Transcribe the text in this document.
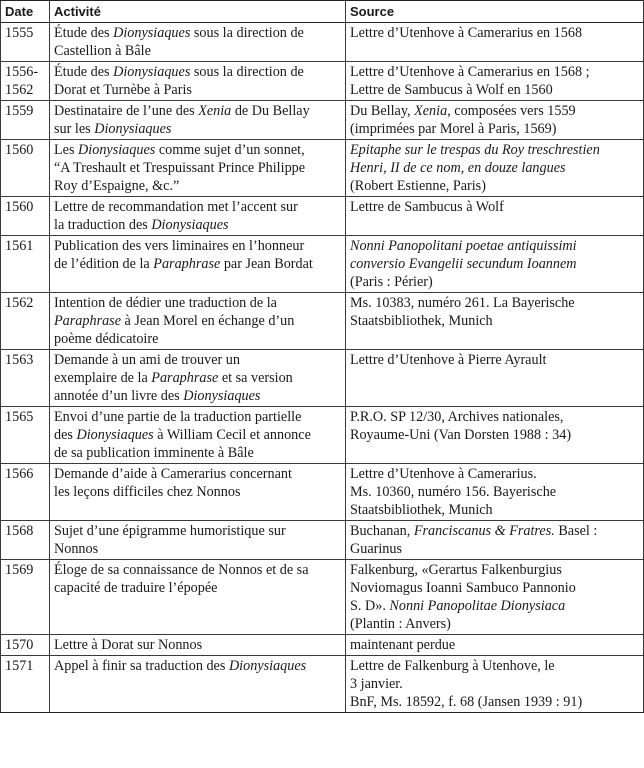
Date	Activité	Source

1555	Étude des Dionysiaques sous la direction de
Castellion à Bâle	Lettre d’Utenhove à Camerarius en 1568

1556-
1562	Étude des Dionysiaques sous la direction de
Dorat et Turnèbe à Paris	Lettre d’Utenhove à Camerarius en 1568 ;
Lettre de Sambucus à Wolf en 1560

1559	Destinataire de l’une des Xenia de Du Bellay
sur les Dionysiaques	Du Bellay, Xenia, composées vers 1559
(imprimées par Morel à Paris, 1569)

1560	Les Dionysiaques comme sujet d’un sonnet,
“A Treshault et Trespuissant Prince Philippe
Roy d’Espaigne, &c.”	Epitaphe sur le trespas du Roy treschrestien
Henri, II de ce nom, en douze langues
(Robert Estienne, Paris)

1560	Lettre de recommandation met l’accent sur
la traduction des Dionysiaques	Lettre de Sambucus à Wolf

1561	Publication des vers liminaires en l’honneur
de l’édition de la Paraphrase par Jean Bordat	Nonni Panopolitani poetae antiquissimi
conversio Evangelii secundum Ioannem
(Paris : Périer)

1562	Intention de dédier une traduction de la
Paraphrase à Jean Morel en échange d’un
poème dédicatoire	Ms. 10383, numéro 261. La Bayerische
Staatsbibliothek, Munich

1563	Demande à un ami de trouver un
exemplaire de la Paraphrase et sa version
annotée d’un livre des Dionysiaques	Lettre d’Utenhove à Pierre Ayrault

1565	Envoi d’une partie de la traduction partielle
des Dionysiaques à William Cecil et annonce
de sa publication imminente à Bâle	P.R.O. SP 12/30, Archives nationales,
Royaume-Uni (Van Dorsten 1988 : 34)

1566	Demande d’aide à Camerarius concernant
les leçons difficiles chez Nonnos	Lettre d’Utenhove à Camerarius.
Ms. 10360, numéro 156. Bayerische
Staatsbibliothek, Munich

1568	Sujet d’une épigramme humoristique sur
Nonnos	Buchanan, Franciscanus & Fratres. Basel :
Guarinus

1569	Éloge de sa connaissance de Nonnos et de sa
capacité de traduire l’épopée	Falkenburg, «Gerartus Falkenburgius
Noviomagus Ioanni Sambuco Pannonio
S. D». Nonni Panopolitae Dionysiaca
(Plantin : Anvers)

1570	Lettre à Dorat sur Nonnos	maintenant perdue

1571	Appel à finir sa traduction des Dionysiaques	Lettre de Falkenburg à Utenhove, le
3 janvier.
BnF, Ms. 18592, f. 68 (Jansen 1939 : 91)
